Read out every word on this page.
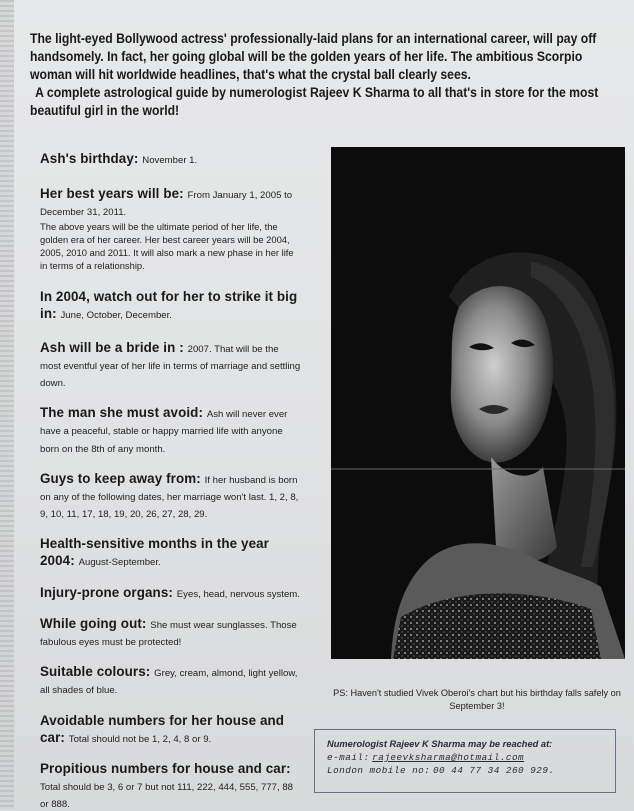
The light-eyed Bollywood actress' professionally-laid plans for an international career, will pay off handsomely. In fact, her going global will be the golden years of her life. The ambitious Scorpio woman will hit worldwide headlines, that's what the crystal ball clearly sees.

A complete astrological guide by numerologist Rajeev K Sharma to all that's in store for the most beautiful girl in the world!

Ash's birthday: November 1.
Her best years will be: From January 1, 2005 to December 31, 2011.
The above years will be the ultimate period of her life, the golden era of her career. Her best career years will be 2004, 2005, 2010 and 2011. It will also mark a new phase in her life in terms of a relationship.
In 2004, watch out for her to strike it big in: June, October, December.
Ash will be a bride in : 2007. That will be the most eventful year of her life in terms of marriage and settling down.
The man she must avoid: Ash will never ever have a peaceful, stable or happy married life with anyone born on the 8th of any month.
Guys to keep away from: If her husband is born on any of the following dates, her marriage won't last. 1, 2, 8, 9, 10, 11, 17, 18, 19, 20, 26, 27, 28, 29.
Health-sensitive months in the year 2004: August-September.
Injury-prone organs: Eyes, head, nervous system.
While going out: She must wear sunglasses. Those fabulous eyes must be protected!
Suitable colours: Grey, cream, almond, light yellow, all shades of blue.
Avoidable numbers for her house and car: Total should not be 1, 2, 4, 8 or 9.
Propitious numbers for house and car: Total should be 3, 6 or 7 but not 111, 222, 444, 555, 777, 88 or 888.
PS: Haven't studied Vivek Oberoi's chart but his birthday falls safely on September 3!
Numerologist Rajeev K Sharma may be reached at:
e-mail: rajeevksharma@hotmail.com
London mobile no: 00 44 77 34 260 929.
